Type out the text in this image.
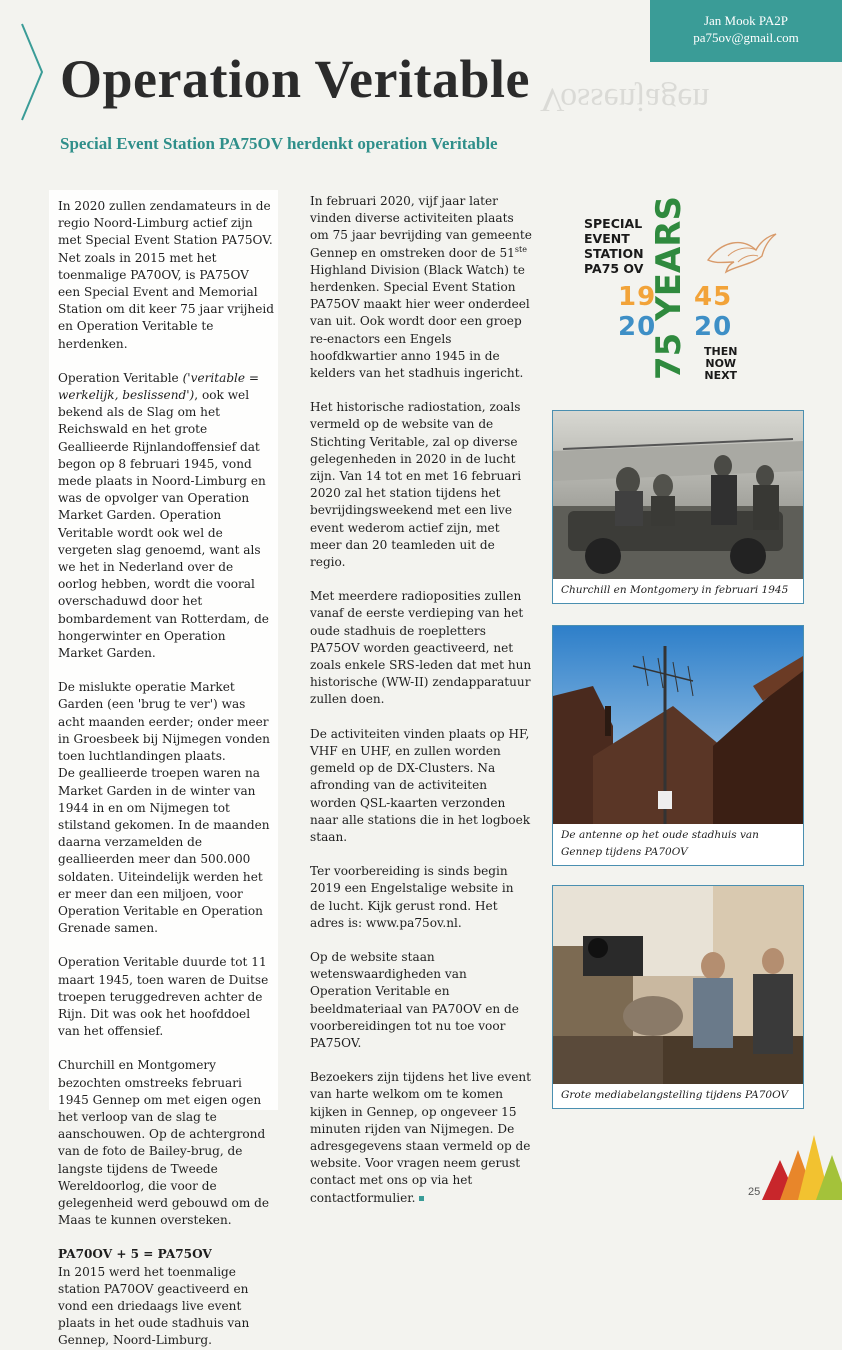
Vossenjagen
Jan Mook PA2P
pa75ov@gmail.com
Operation Veritable
Special Event Station PA75OV herdenkt operation Veritable

In 2020 zullen zendamateurs in de regio Noord-Limburg actief zijn met Special Event Station PA75OV. Net zoals in 2015 met het toenmalige PA70OV, is PA75OV een Special Event and Memorial Station om dit keer 75 jaar vrijheid en Operation Veritable te herdenken.

Operation Veritable ('veritable = werkelijk, beslissend'), ook wel bekend als de Slag om het Reichswald en het grote Geallieerde Rijnlandoffensief dat begon op 8 februari 1945, vond mede plaats in Noord-Limburg en was de opvolger van Operation Market Garden. Operation Veritable wordt ook wel de vergeten slag genoemd, want als we het in Nederland over de oorlog hebben, wordt die vooral overschaduwd door het bombardement van Rotterdam, de hongerwinter en Operation Market Garden.

De mislukte operatie Market Garden (een 'brug te ver') was acht maanden eerder; onder meer in Groesbeek bij Nijmegen vonden toen luchtlandingen plaats.

De geallieerde troepen waren na Market Garden in de winter van 1944 in en om Nijmegen tot stilstand gekomen. In de maanden daarna verzamelden de geallieerden meer dan 500.000 soldaten. Uiteindelijk werden het er meer dan een miljoen, voor Operation Veritable en Operation Grenade samen.

Operation Veritable duurde tot 11 maart 1945, toen waren de Duitse troepen teruggedreven achter de Rijn. Dit was ook het hoofddoel van het offensief.

Churchill en Montgomery bezochten omstreeks februari 1945 Gennep om met eigen ogen het verloop van de slag te aanschouwen. Op de achtergrond van de foto de Bailey-brug, de langste tijdens de Tweede Wereldoorlog, die voor de gelegenheid werd gebouwd om de Maas te kunnen oversteken.

PA70OV + 5 = PA75OV

In 2015 werd het toenmalige station PA70OV geactiveerd en vond een driedaags live event plaats in het oude stadhuis van Gennep, Noord-Limburg.

In februari 2020, vijf jaar later vinden diverse activiteiten plaats om 75 jaar bevrijding van gemeente Gennep en omstreken door de 51ste Highland Division (Black Watch) te herdenken. Special Event Station PA75OV maakt hier weer onderdeel van uit. Ook wordt door een groep re-enactors een Engels hoofdkwartier anno 1945 in de kelders van het stadhuis ingericht.

Het historische radiostation, zoals vermeld op de website van de Stichting Veritable, zal op diverse gelegenheden in 2020 in de lucht zijn. Van 14 tot en met 16 februari 2020 zal het station tijdens het bevrijdingsweekend met een live event wederom actief zijn, met meer dan 20 teamleden uit de regio.

Met meerdere radioposities zullen vanaf de eerste verdieping van het oude stadhuis de roepletters PA75OV worden geactiveerd, net zoals enkele SRS-leden dat met hun historische (WW-II) zendapparatuur zullen doen.

De activiteiten vinden plaats op HF, VHF en UHF, en zullen worden gemeld op de DX-Clusters. Na afronding van de activiteiten worden QSL-kaarten verzonden naar alle stations die in het logboek staan.

Ter voorbereiding is sinds begin 2019 een Engelstalige website in de lucht. Kijk gerust rond. Het adres is: www.pa75ov.nl.

Op de website staan wetenswaardigheden van Operation Veritable en beeldmateriaal van PA70OV en de voorbereidingen tot nu toe voor PA75OV.

Bezoekers zijn tijdens het live event van harte welkom om te komen kijken in Gennep, op ongeveer 15 minuten rijden van Nijmegen. De adresgegevens staan vermeld op de website. Voor vragen neem gerust contact met ons op via het contactformulier.

SPECIAL
EVENT
STATION
PA75 OV 75 YEARS
19 45
20 20
THEN
NOW
NEXT
Churchill en Montgomery in februari 1945
De antenne op het oude stadhuis van Gennep tijdens PA70OV
Grote mediabelangstelling tijdens PA70OV
25
